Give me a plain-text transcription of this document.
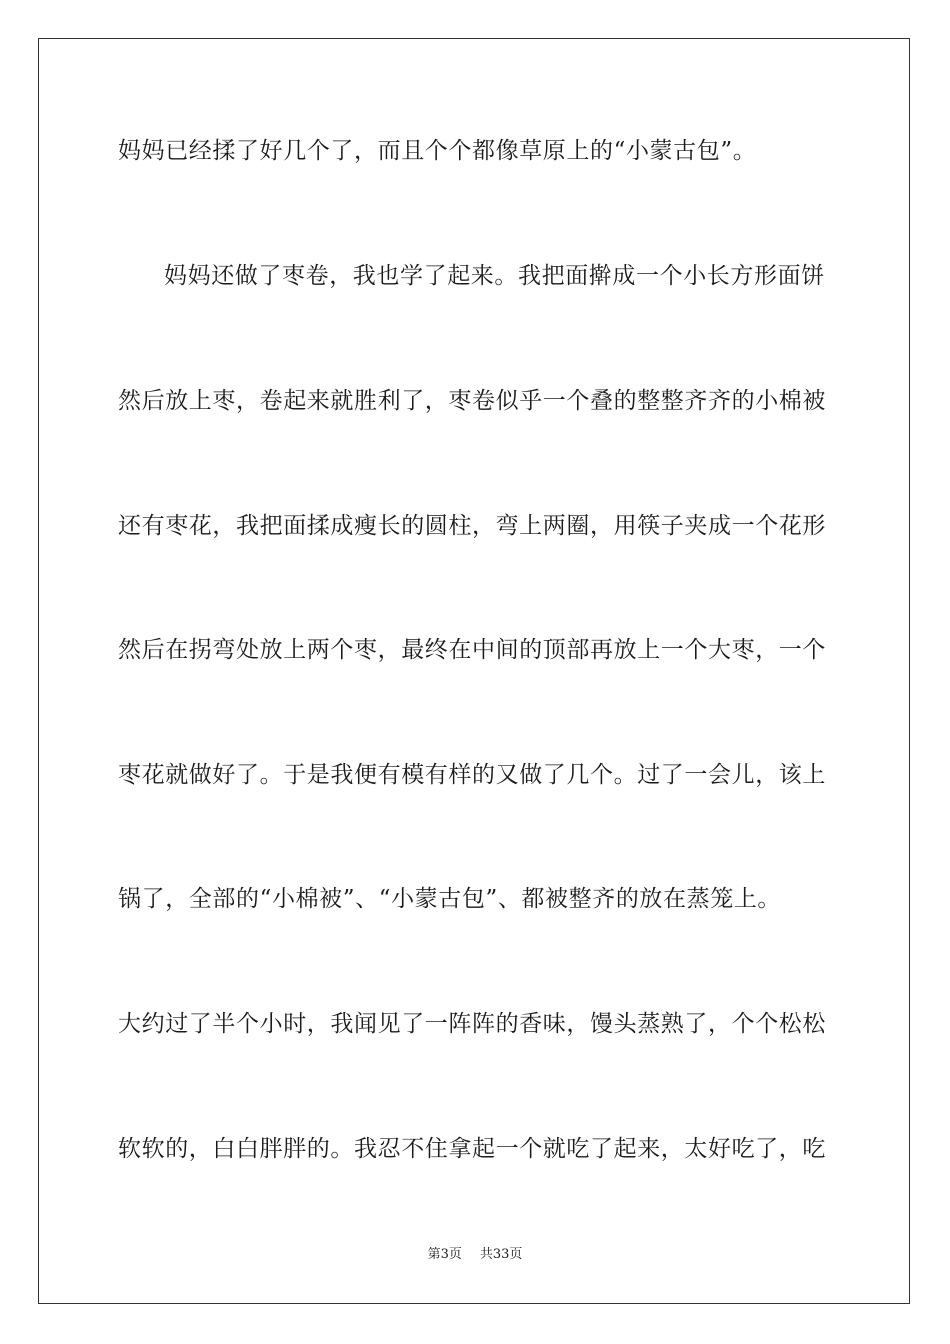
妈妈已经揉了好几个了，而且个个都像草原上的“小蒙古包”。
妈妈还做了枣卷，我也学了起来。我把面擀成一个小长方形面饼
然后放上枣，卷起来就胜利了，枣卷似乎一个叠的整整齐齐的小棉被
还有枣花，我把面揉成瘦长的圆柱，弯上两圈，用筷子夹成一个花形
然后在拐弯处放上两个枣，最终在中间的顶部再放上一个大枣，一个
枣花就做好了。于是我便有模有样的又做了几个。过了一会儿，该上
锅了，全部的“小棉被”、“小蒙古包”、都被整齐的放在蒸笼上。
大约过了半个小时，我闻见了一阵阵的香味，馒头蒸熟了，个个松松
软软的，白白胖胖的。我忍不住拿起一个就吃了起来，太好吃了，吃
第3页 共33页
